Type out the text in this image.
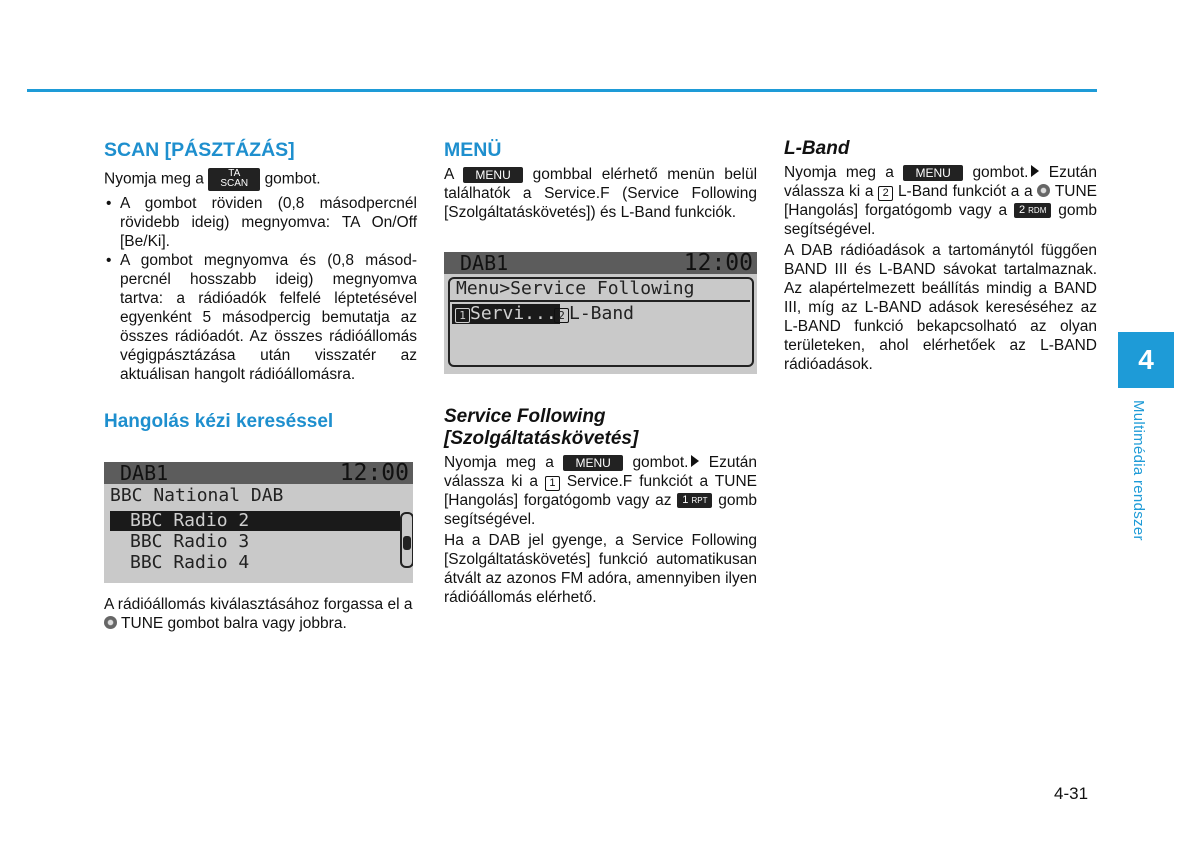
SCAN [PÁSZTÁZÁS]

Nyomja meg a TA
SCAN gombot.

• A gombot röviden (0,8 másodpercnél rövidebb ideig) megnyomva: TA On/Off [Be/Ki].
• A gombot megnyomva és (0,8 másodpercnél hosszabb ideig) megnyomva tartva: a rádióadók felfelé léptetésével egyenként 5 másodpercig bemutatja az összes rádióadót. Az összes rádióállomás végigpásztázása után visszatér az aktuálisan hangolt rádióállomásra.
Hangolás kézi kereséssel
DAB1	12:00
BBC National DAB
BBC Radio 2
BBC Radio 3
BBC Radio 4

A rádióállomás kiválasztásához forgassa el a  TUNE gombot balra vagy jobbra.

MENÜ

A MENU gombbal elérhető menün belül találhatók a Service.F (Service Following [Szolgáltatáskövetés]) és L-Band funkciók.

DAB1	12:00
Menu>Service Following
1 Servi... 2 L-Band
Service Following
[Szolgáltatáskövetés]

Nyomja meg a MENU gombot. Ezután válassza ki a 1 Service.F funkciót a TUNE [Hangolás] forgatógomb vagy az 1 RPT gomb segítségével.

Ha a DAB jel gyenge, a Service Following [Szolgáltatáskövetés] funkció automatikusan átvált az azonos FM adóra, amennyiben ilyen rádióállomás elérhető.

L-Band

Nyomja meg a MENU gombot. Ezután válassza ki a 2 L-Band funkciót a a  TUNE [Hangolás] forgatógomb vagy a 2 RDM gomb segítségével.

A DAB rádióadások a tartománytól függően BAND III és L-BAND sávokat tartalmaznak. Az alapértelmezett beállítás mindig a BAND III, míg az L-BAND adások kereséséhez az L-BAND funkció bekapcsolható az olyan területeken, ahol elérhetőek az L-BAND rádióadások.	4
Multimédia rendszer
4-31
